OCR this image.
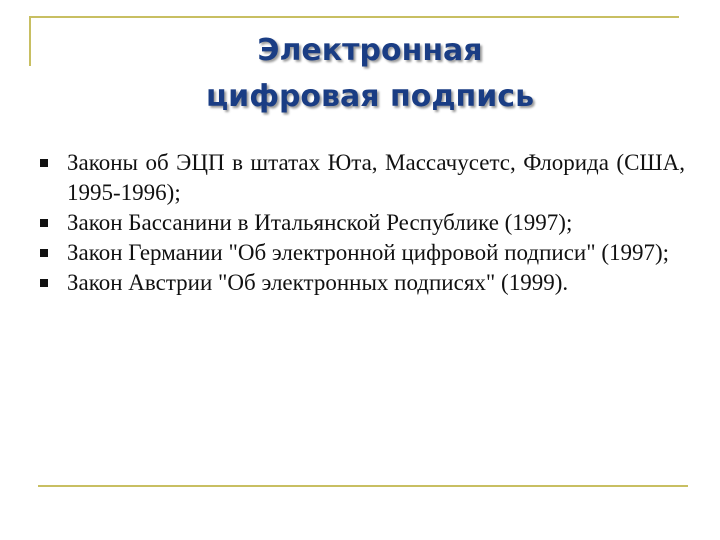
Электронная
цифровая подпись
Законы об ЭЦП в штатах Юта, Массачусетс, Флорида (США, 1995-1996);
Закон Бассанини в Итальянской Республике (1997);
Закон Германии "Об электронной цифровой подписи" (1997);
Закон Австрии "Об электронных подписях" (1999).
